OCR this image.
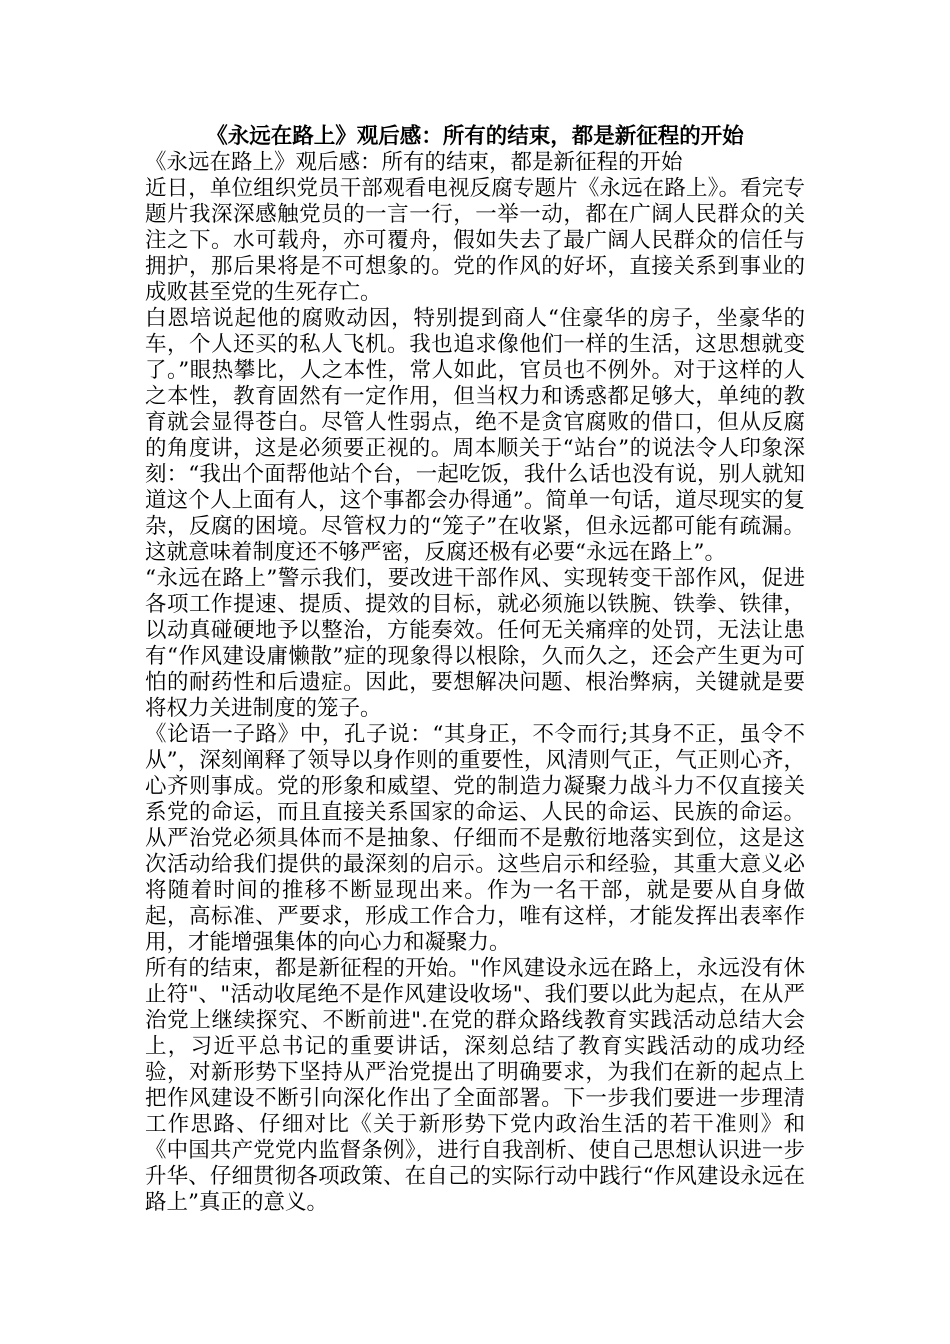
《永远在路上》观后感：所有的结束，都是新征程的开始

《永远在路上》观后感：所有的结束，都是新征程的开始

近日，单位组织党员干部观看电视反腐专题片《永远在路上》。看完专题片我深深感触党员的一言一行，一举一动，都在广阔人民群众的关注之下。水可载舟，亦可覆舟，假如失去了最广阔人民群众的信任与拥护，那后果将是不可想象的。党的作风的好坏，直接关系到事业的成败甚至党的生死存亡。

白恩培说起他的腐败动因，特别提到商人“住豪华的房子，坐豪华的车，个人还买的私人飞机。我也追求像他们一样的生活，这思想就变了。”眼热攀比，人之本性，常人如此，官员也不例外。对于这样的人之本性，教育固然有一定作用，但当权力和诱惑都足够大，单纯的教育就会显得苍白。尽管人性弱点，绝不是贪官腐败的借口，但从反腐的角度讲，这是必须要正视的。周本顺关于“站台”的说法令人印象深刻：“我出个面帮他站个台，一起吃饭，我什么话也没有说，别人就知道这个人上面有人，这个事都会办得通”。简单一句话，道尽现实的复杂，反腐的困境。尽管权力的“笼子”在收紧，但永远都可能有疏漏。这就意味着制度还不够严密，反腐还极有必要“永远在路上”。

“永远在路上”警示我们，要改进干部作风、实现转变干部作风，促进各项工作提速、提质、提效的目标，就必须施以铁腕、铁拳、铁律，以动真碰硬地予以整治，方能奏效。任何无关痛痒的处罚，无法让患有“作风建设庸懒散”症的现象得以根除，久而久之，还会产生更为可怕的耐药性和后遗症。因此，要想解决问题、根治弊病，关键就是要将权力关进制度的笼子。

《论语一子路》中，孔子说：“其身正，不令而行;其身不正，虽令不从”，深刻阐释了领导以身作则的重要性，风清则气正，气正则心齐，心齐则事成。党的形象和威望、党的制造力凝聚力战斗力不仅直接关系党的命运，而且直接关系国家的命运、人民的命运、民族的命运。从严治党必须具体而不是抽象、仔细而不是敷衍地落实到位，这是这次活动给我们提供的最深刻的启示。这些启示和经验，其重大意义必将随着时间的推移不断显现出来。作为一名干部，就是要从自身做起，高标准、严要求，形成工作合力，唯有这样，才能发挥出表率作用，才能增强集体的向心力和凝聚力。

所有的结束，都是新征程的开始。"作风建设永远在路上，永远没有休止符"、"活动收尾绝不是作风建设收场"、我们要以此为起点，在从严治党上继续探究、不断前进".在党的群众路线教育实践活动总结大会上，习近平总书记的重要讲话，深刻总结了教育实践活动的成功经验，对新形势下坚持从严治党提出了明确要求，为我们在新的起点上把作风建设不断引向深化作出了全面部署。下一步我们要进一步理清工作思路、仔细对比《关于新形势下党内政治生活的若干准则》和《中国共产党党内监督条例》，进行自我剖析、使自己思想认识进一步升华、仔细贯彻各项政策、在自己的实际行动中践行“作风建设永远在路上”真正的意义。
